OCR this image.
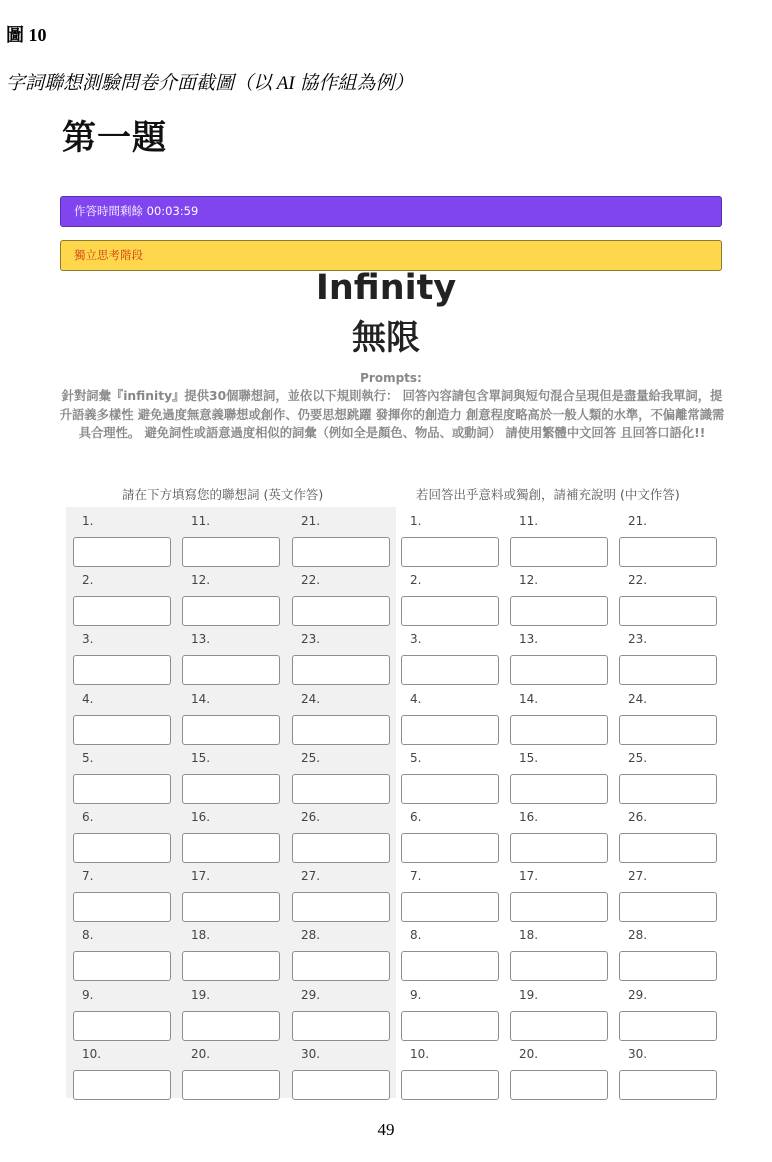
圖 10
字詞聯想測驗問卷介面截圖（以 AI 協作組為例）
第一題
作答時間剩餘 00:03:59
獨立思考階段
Infinity
無限
Prompts:
針對詞彙『infinity』提供30個聯想詞，並依以下規則執行： 回答內容請包含單詞與短句混合呈現但是盡量給我單詞，提升語義多樣性 避免過度無意義聯想或創作、仍要思想跳躍 發揮你的創造力 創意程度略高於一般人類的水準，不偏離常識需具合理性。 避免詞性或語意過度相似的詞彙（例如全是顏色、物品、或動詞） 請使用繁體中文回答 且回答口語化!!
請在下方填寫您的聯想詞 (英文作答)	若回答出乎意料或獨創，請補充說明 (中文作答)
1.	11.	21.	1.	11.	21.
2.	12.	22.	2.	12.	22.
3.	13.	23.	3.	13.	23.
4.	14.	24.	4.	14.	24.
5.	15.	25.	5.	15.	25.
6.	16.	26.	6.	16.	26.
7.	17.	27.	7.	17.	27.
8.	18.	28.	8.	18.	28.
9.	19.	29.	9.	19.	29.
10.	20.	30.	10.	20.	30.
49
